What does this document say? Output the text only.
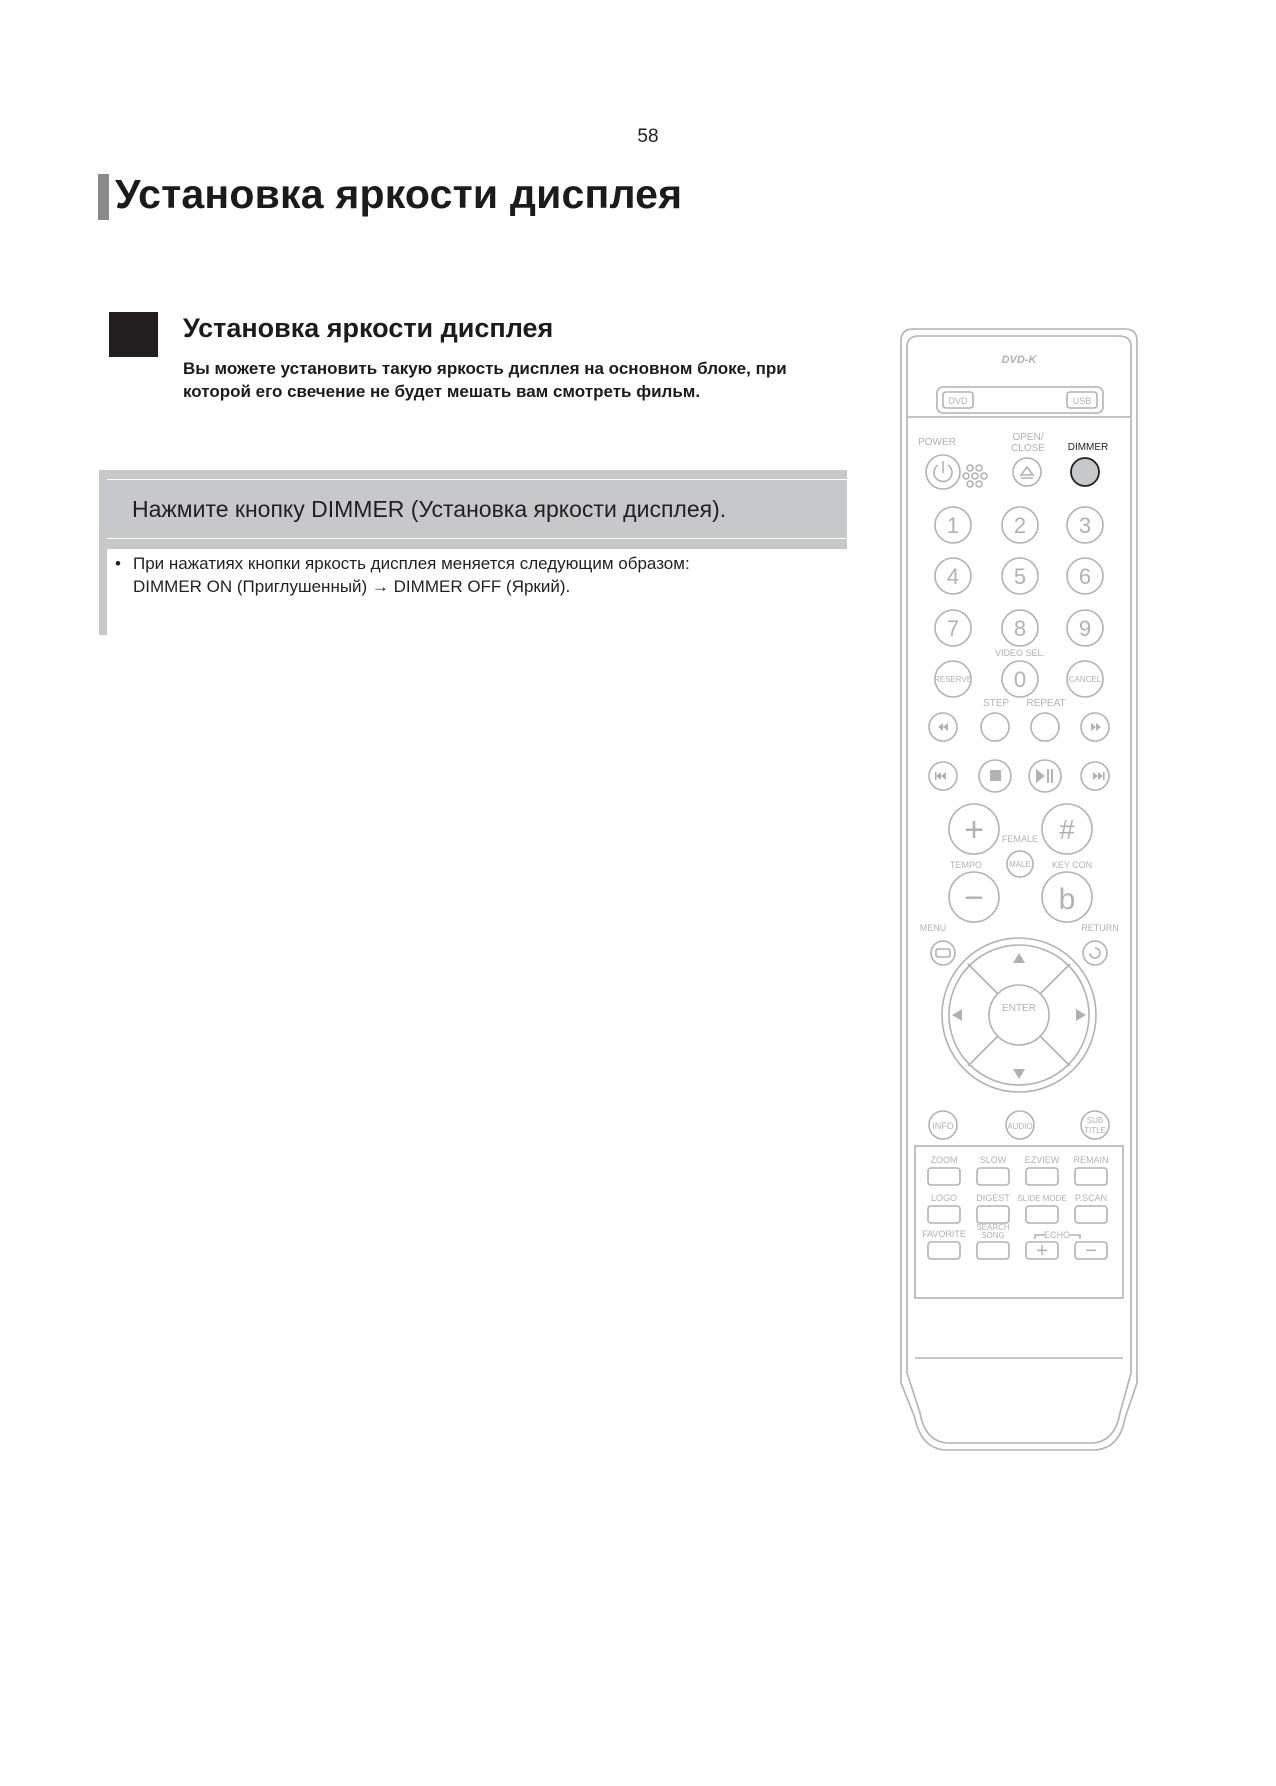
58
Установка яркости дисплея
Установка яркости дисплея
Вы можете установить такую яркость дисплея на основном блоке, при которой его свечение не будет мешать вам смотреть фильм.
Нажмите кнопку DIMMER (Установка яркости дисплея).
• При нажатиях кнопки яркость дисплея меняется следующим образом:
DIMMER ON (Приглушенный) → DIMMER OFF (Яркий).
DVD-K
DVD	USB
POWER	OPEN/
CLOSE
1 2 3
4 5 6
7 8 9
VIDEO SEL.
RESERVE 0	CANCEL
STEP REPEAT
+	#
FEMALE
TEMPO	MALE KEY CON
− b
MENU	RETURN
ENTER
INFO	AUDIO
SUB
TITLE
ZOOM SLOW EZVIEW REMAIN
LOGO DIGEST SLIDE MODE P.SCAN
FAVORITE
SEARCH
SONG	ECHO
+ −
DIMMER
